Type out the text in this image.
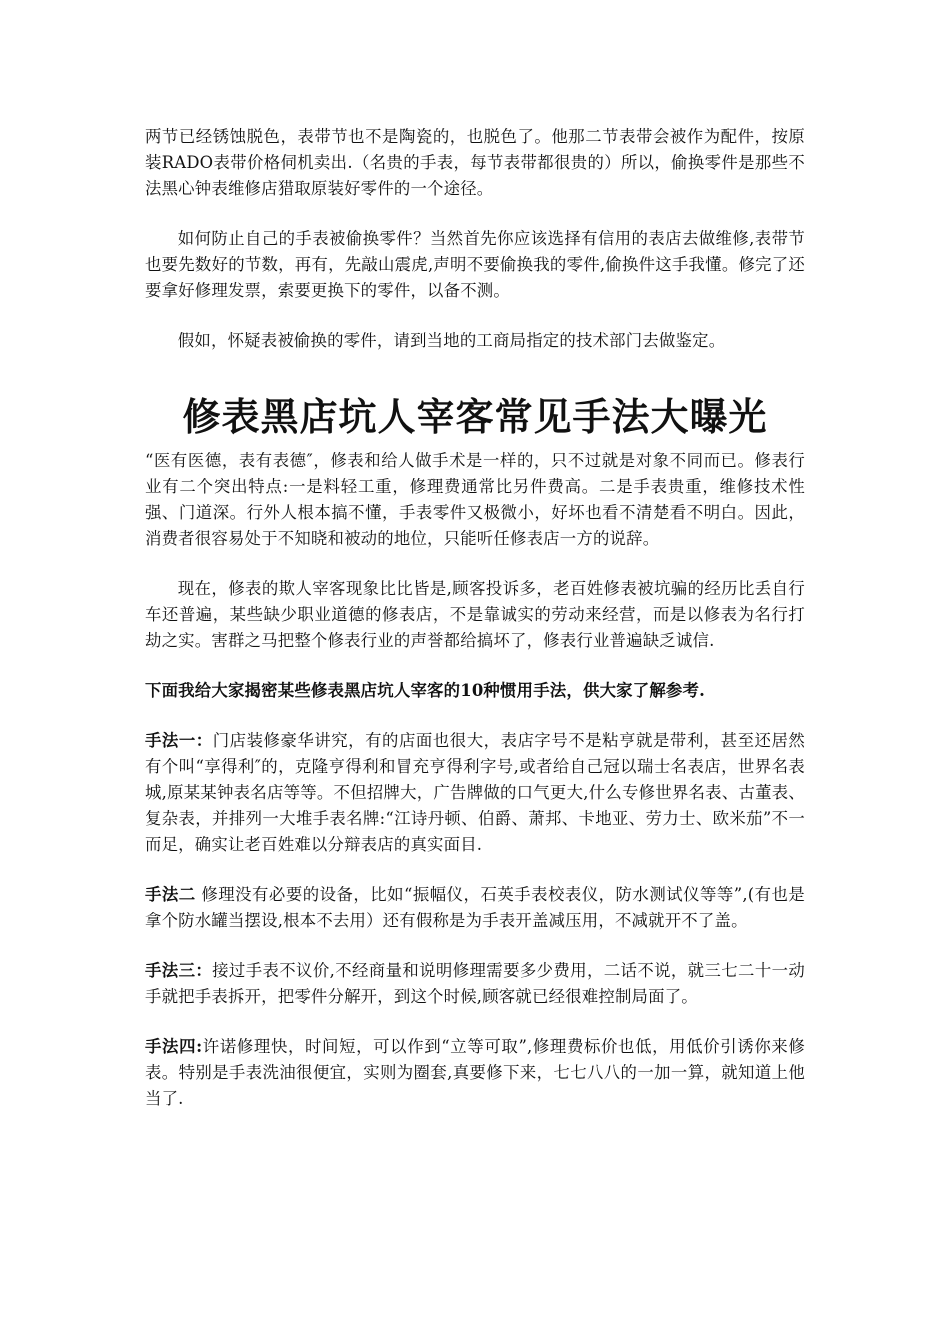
两节已经锈蚀脱色，表带节也不是陶瓷的，也脱色了。他那二节表带会被作为配件，按原装RADO表带价格伺机卖出.（名贵的手表，每节表带都很贵的）所以，偷换零件是那些不法黑心钟表维修店猎取原装好零件的一个途径。

如何防止自己的手表被偷换零件？当然首先你应该选择有信用的表店去做维修,表带节也要先数好的节数，再有，先敲山震虎,声明不要偷换我的零件,偷换件这手我懂。修完了还要拿好修理发票，索要更换下的零件，以备不测。

假如，怀疑表被偷换的零件，请到当地的工商局指定的技术部门去做鉴定。

修表黑店坑人宰客常见手法大曝光

“医有医德，表有表德″，修表和给人做手术是一样的，只不过就是对象不同而已。修表行业有二个突出特点:一是料轻工重，修理费通常比另件费高。二是手表贵重，维修技术性强、门道深。行外人根本搞不懂，手表零件又极微小，好坏也看不清楚看不明白。因此，消费者很容易处于不知晓和被动的地位，只能听任修表店一方的说辞。

现在，修表的欺人宰客现象比比皆是,顾客投诉多，老百姓修表被坑骗的经历比丢自行车还普遍，某些缺少职业道德的修表店，不是靠诚实的劳动来经营，而是以修表为名行打劫之实。害群之马把整个修表行业的声誉都给搞坏了，修表行业普遍缺乏诚信.

下面我给大家揭密某些修表黑店坑人宰客的10种惯用手法，供大家了解参考.

手法一：门店装修豪华讲究，有的店面也很大，表店字号不是粘亨就是带利，甚至还居然有个叫“享得利″的，克隆亨得利和冒充亨得利字号,或者给自己冠以瑞士名表店，世界名表城,原某某钟表名店等等。不但招牌大，广告牌做的口气更大,什么专修世界名表、古董表、复杂表，并排列一大堆手表名牌:“江诗丹顿、伯爵、萧邦、卡地亚、劳力士、欧米茄”不一而足，确实让老百姓难以分辩表店的真实面目.

手法二 修理没有必要的设备，比如“振幅仪，石英手表校表仪，防水测试仪等等”,(有也是拿个防水罐当摆设,根本不去用）还有假称是为手表开盖减压用，不减就开不了盖。

手法三：接过手表不议价,不经商量和说明修理需要多少费用，二话不说，就三七二十一动手就把手表拆开，把零件分解开，到这个时候,顾客就已经很难控制局面了。

手法四:许诺修理快，时间短，可以作到“立等可取”,修理费标价也低，用低价引诱你来修表。特别是手表洗油很便宜，实则为圈套,真要修下来，七七八八的一加一算，就知道上他当了.
